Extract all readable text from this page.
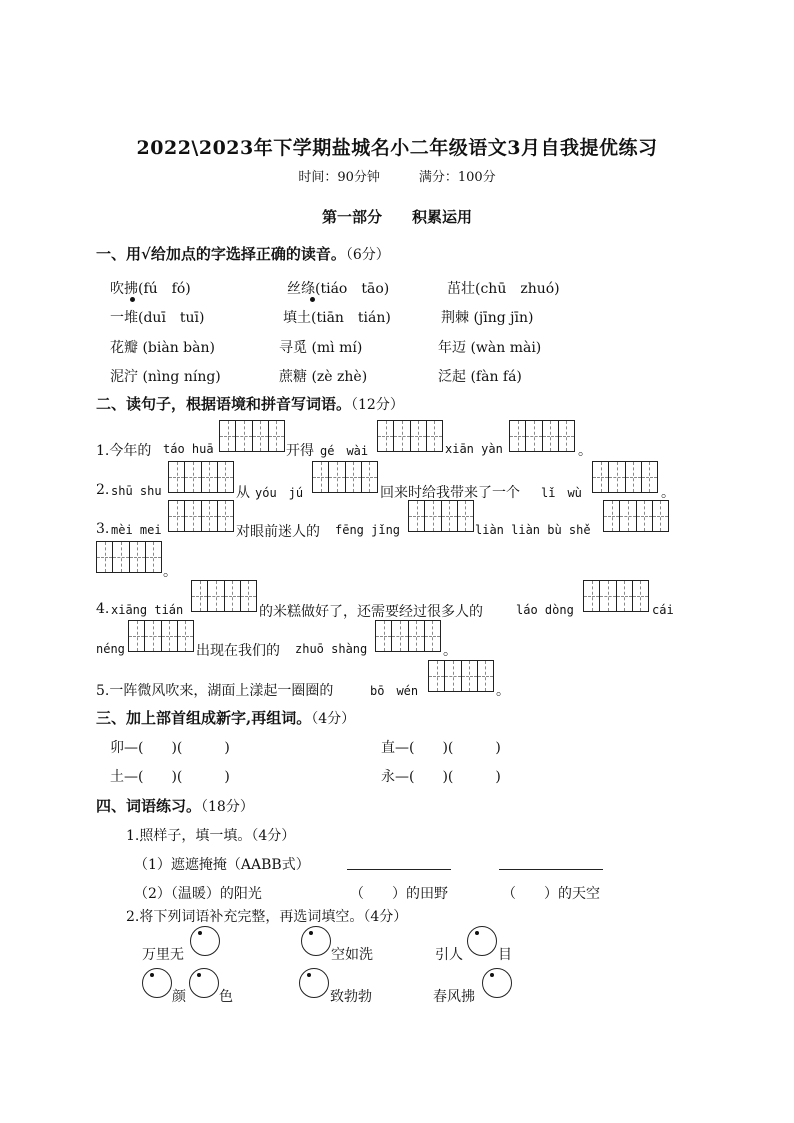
2022\2023年下学期盐城名小二年级语文3月自我提优练习
时间：90分钟　　　满分：100分
第一部分　　积累运用
一、用√给加点的字选择正确的读音。（6分）
吹拂(fú　fó)	丝绦(tiáo　tāo)	茁壮(chū　zhuó)
一堆(duī　tuī)	填土(tiān　tián)	荆棘 (jīng jīn)
花瓣 (biàn bàn)	寻觅 (mì mí)	年迈 (wàn mài)
泥泞 (nìng níng)	蔗糖 (zè zhè)	泛起 (fàn fá)
二、读句子，根据语境和拼音写词语。（12分）
1.今年的 táo huā	开得 gé　wài	xiān yàn	。
2. shū shu	从 yóu　jú	回来时给我带来了一个 lǐ　wù	。
3. mèi mei	对眼前迷人的 fēng jǐng	liàn liàn bù shě
。
4. xiāng tián	的米糕做好了，还需要经过很多人的	láo dòng	cái
néng	出现在我们的 zhuō shàng	。
5.一阵微风吹来，湖面上漾起一圈圈的	bō　wén	。
三、加上部首组成新字,再组词。（4分）
卯—(　　)(　　　)	直—(　　)(　　　)
土—(　　)(　　　)	永—(　　)(　　　)
四、词语练习。（18分）
1.照样子，填一填。（4分）
（1）遮遮掩掩（AABB式）
（2）（温暖）的阳光	（　　）的田野	（　　）的天空
2.将下列词语补充完整，再选词填空。（4分）
万里无	空如洗	引人	目
颜 色	致勃勃	春风拂
